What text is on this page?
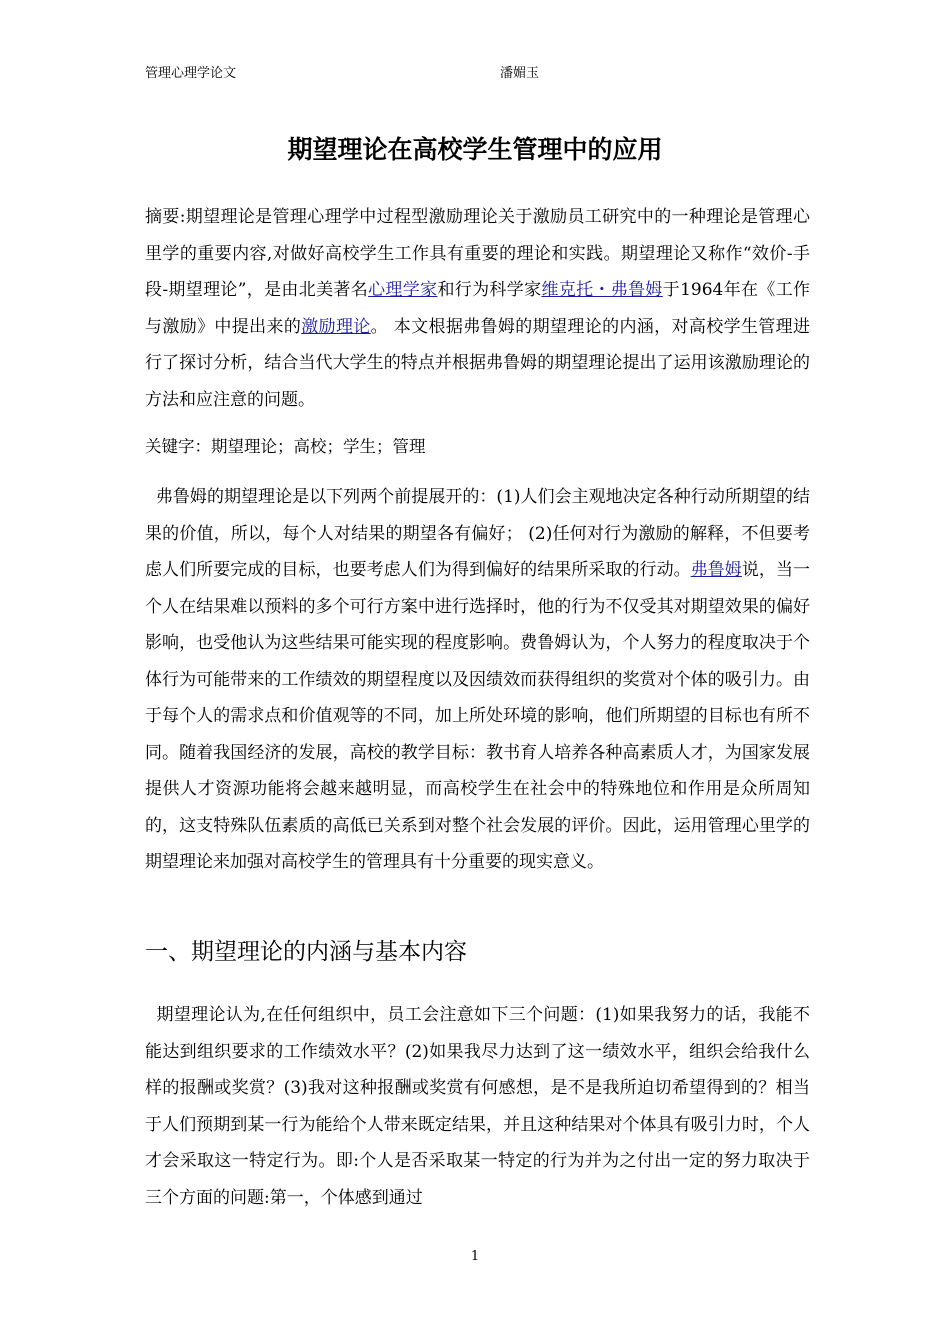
管理心理学论文	潘媚玉
期望理论在高校学生管理中的应用

摘要:期望理论是管理心理学中过程型激励理论关于激励员工研究中的一种理论是管理心里学的重要内容,对做好高校学生工作具有重要的理论和实践。期望理论又称作“效价-手段-期望理论”，是由北美著名心理学家和行为科学家维克托・弗鲁姆于1964年在《工作与激励》中提出来的激励理论。 本文根据弗鲁姆的期望理论的内涵，对高校学生管理进行了探讨分析，结合当代大学生的特点并根据弗鲁姆的期望理论提出了运用该激励理论的方法和应注意的问题。

关键字：期望理论；高校；学生；管理

弗鲁姆的期望理论是以下列两个前提展开的：(1)人们会主观地决定各种行动所期望的结果的价值，所以，每个人对结果的期望各有偏好； (2)任何对行为激励的解释，不但要考虑人们所要完成的目标，也要考虑人们为得到偏好的结果所采取的行动。弗鲁姆说，当一个人在结果难以预料的多个可行方案中进行选择时，他的行为不仅受其对期望效果的偏好影响，也受他认为这些结果可能实现的程度影响。费鲁姆认为，个人努力的程度取决于个体行为可能带来的工作绩效的期望程度以及因绩效而获得组织的奖赏对个体的吸引力。由于每个人的需求点和价值观等的不同，加上所处环境的影响，他们所期望的目标也有所不同。随着我国经济的发展，高校的教学目标：教书育人培养各种高素质人才，为国家发展提供人才资源功能将会越来越明显，而高校学生在社会中的特殊地位和作用是众所周知的，这支特殊队伍素质的高低已关系到对整个社会发展的评价。因此，运用管理心里学的期望理论来加强对高校学生的管理具有十分重要的现实意义。

一、期望理论的内涵与基本内容

期望理论认为,在任何组织中，员工会注意如下三个问题：(1)如果我努力的话，我能不能达到组织要求的工作绩效水平？(2)如果我尽力达到了这一绩效水平，组织会给我什么样的报酬或奖赏？(3)我对这种报酬或奖赏有何感想，是不是我所迫切希望得到的？相当于人们预期到某一行为能给个人带来既定结果，并且这种结果对个体具有吸引力时，个人才会采取这一特定行为。即:个人是否采取某一特定的行为并为之付出一定的努力取决于三个方面的问题:第一，个体感到通过

1
